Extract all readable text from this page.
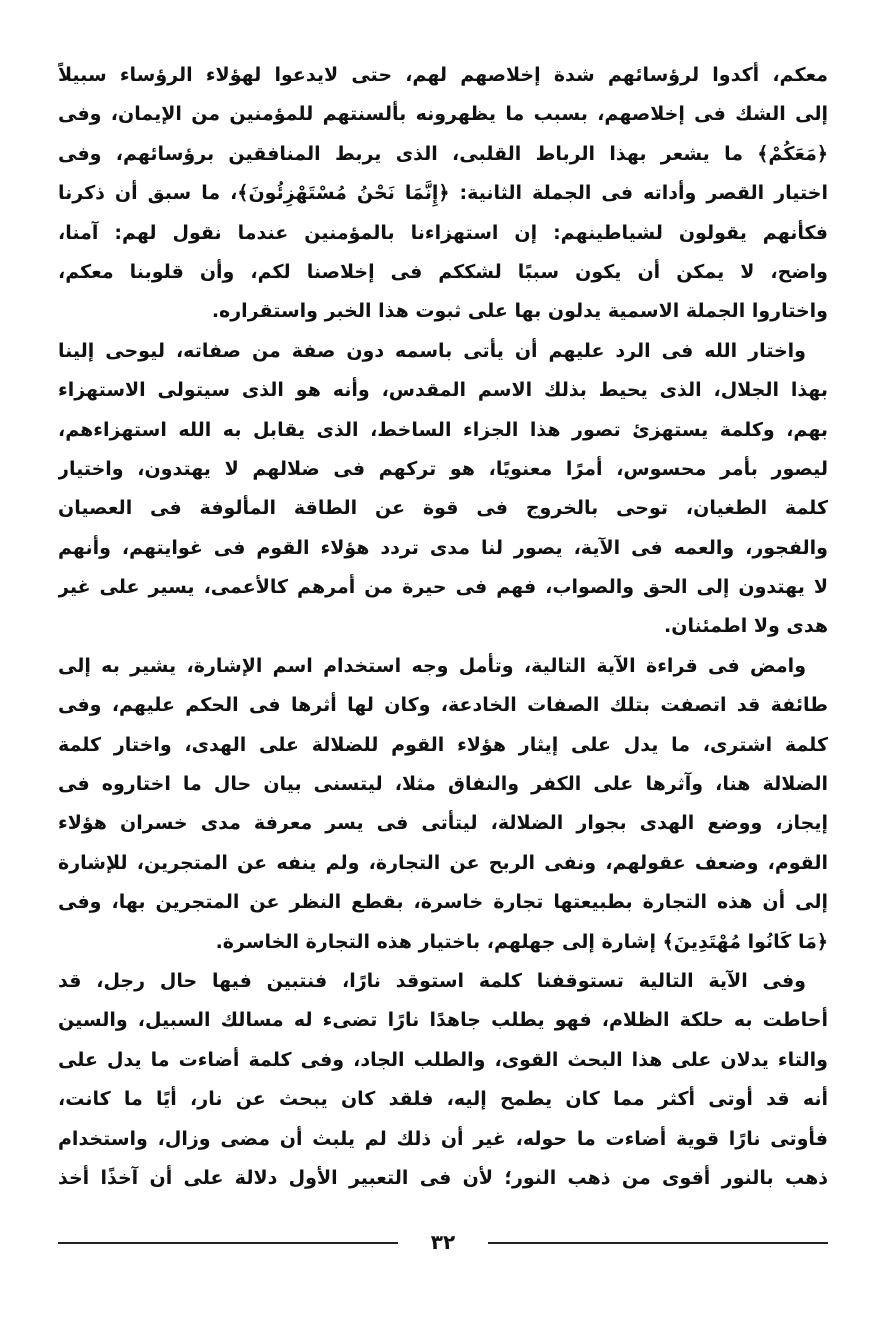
معكم، أكدوا لرؤسائهم شدة إخلاصهم لهم، حتى لايدعوا لهؤلاء الرؤساء سبيلاً
إلى الشك فى إخلاصهم، بسبب ما يظهرونه بألسنتهم للمؤمنين من الإيمان، وفى
﴿مَعَكُمْ﴾ ما يشعر بهذا الرباط القلبى، الذى يربط المنافقين برؤسائهم، وفى
اختيار القصر وأداته فى الجملة الثانية: ﴿إِنَّمَا نَحْنُ مُسْتَهْزِئُونَ﴾، ما سبق أن ذكرنا
فكأنهم يقولون لشياطينهم: إن استهزاءنا بالمؤمنين عندما نقول لهم: آمنا،
واضح، لا يمكن أن يكون سببًا لشككم فى إخلاصنا لكم، وأن قلوبنا معكم،
واختاروا الجملة الاسمية يدلون بها على ثبوت هذا الخبر واستقراره.
واختار الله فى الرد عليهم أن يأتى باسمه دون صفة من صفاته، ليوحى إلينا
بهذا الجلال، الذى يحيط بذلك الاسم المقدس، وأنه هو الذى سيتولى الاستهزاء
بهم، وكلمة يستهزئ تصور هذا الجزاء الساخط، الذى يقابل به الله استهزاءهم،
ليصور بأمر محسوس، أمرًا معنويًا، هو تركهم فى ضلالهم لا يهتدون، واختيار
كلمة الطغيان، توحى بالخروج فى قوة عن الطاقة المألوفة فى العصيان
والفجور، والعمه فى الآية، يصور لنا مدى تردد هؤلاء القوم فى غوايتهم، وأنهم
لا يهتدون إلى الحق والصواب، فهم فى حيرة من أمرهم كالأعمى، يسير على غير
هدى ولا اطمئنان.
وامض فى قراءة الآية التالية، وتأمل وجه استخدام اسم الإشارة، يشير به إلى
طائفة قد اتصفت بتلك الصفات الخادعة، وكان لها أثرها فى الحكم عليهم، وفى
كلمة اشترى، ما يدل على إيثار هؤلاء القوم للضلالة على الهدى، واختار كلمة
الضلالة هنا، وآثرها على الكفر والنفاق مثلا، ليتسنى بيان حال ما اختاروه فى
إيجاز، ووضع الهدى بجوار الضلالة، ليتأتى فى يسر معرفة مدى خسران هؤلاء
القوم، وضعف عقولهم، ونفى الربح عن التجارة، ولم ينفه عن المتجرين، للإشارة
إلى أن هذه التجارة بطبيعتها تجارة خاسرة، بقطع النظر عن المتجرين بها، وفى
﴿مَا كَانُوا مُهْتَدِينَ﴾ إشارة إلى جهلهم، باختيار هذه التجارة الخاسرة.
وفى الآية التالية تستوقفنا كلمة استوقد نارًا، فنتبين فيها حال رجل، قد
أحاطت به حلكة الظلام، فهو يطلب جاهدًا نارًا تضىء له مسالك السبيل، والسين
والتاء يدلان على هذا البحث القوى، والطلب الجاد، وفى كلمة أضاءت ما يدل على
أنه قد أوتى أكثر مما كان يطمح إليه، فلقد كان يبحث عن نار، أيًا ما كانت،
فأوتى نارًا قوية أضاءت ما حوله، غير أن ذلك لم يلبث أن مضى وزال، واستخدام
ذهب بالنور أقوى من ذهب النور؛ لأن فى التعبير الأول دلالة على أن آخذًا أخذ
٣٢
